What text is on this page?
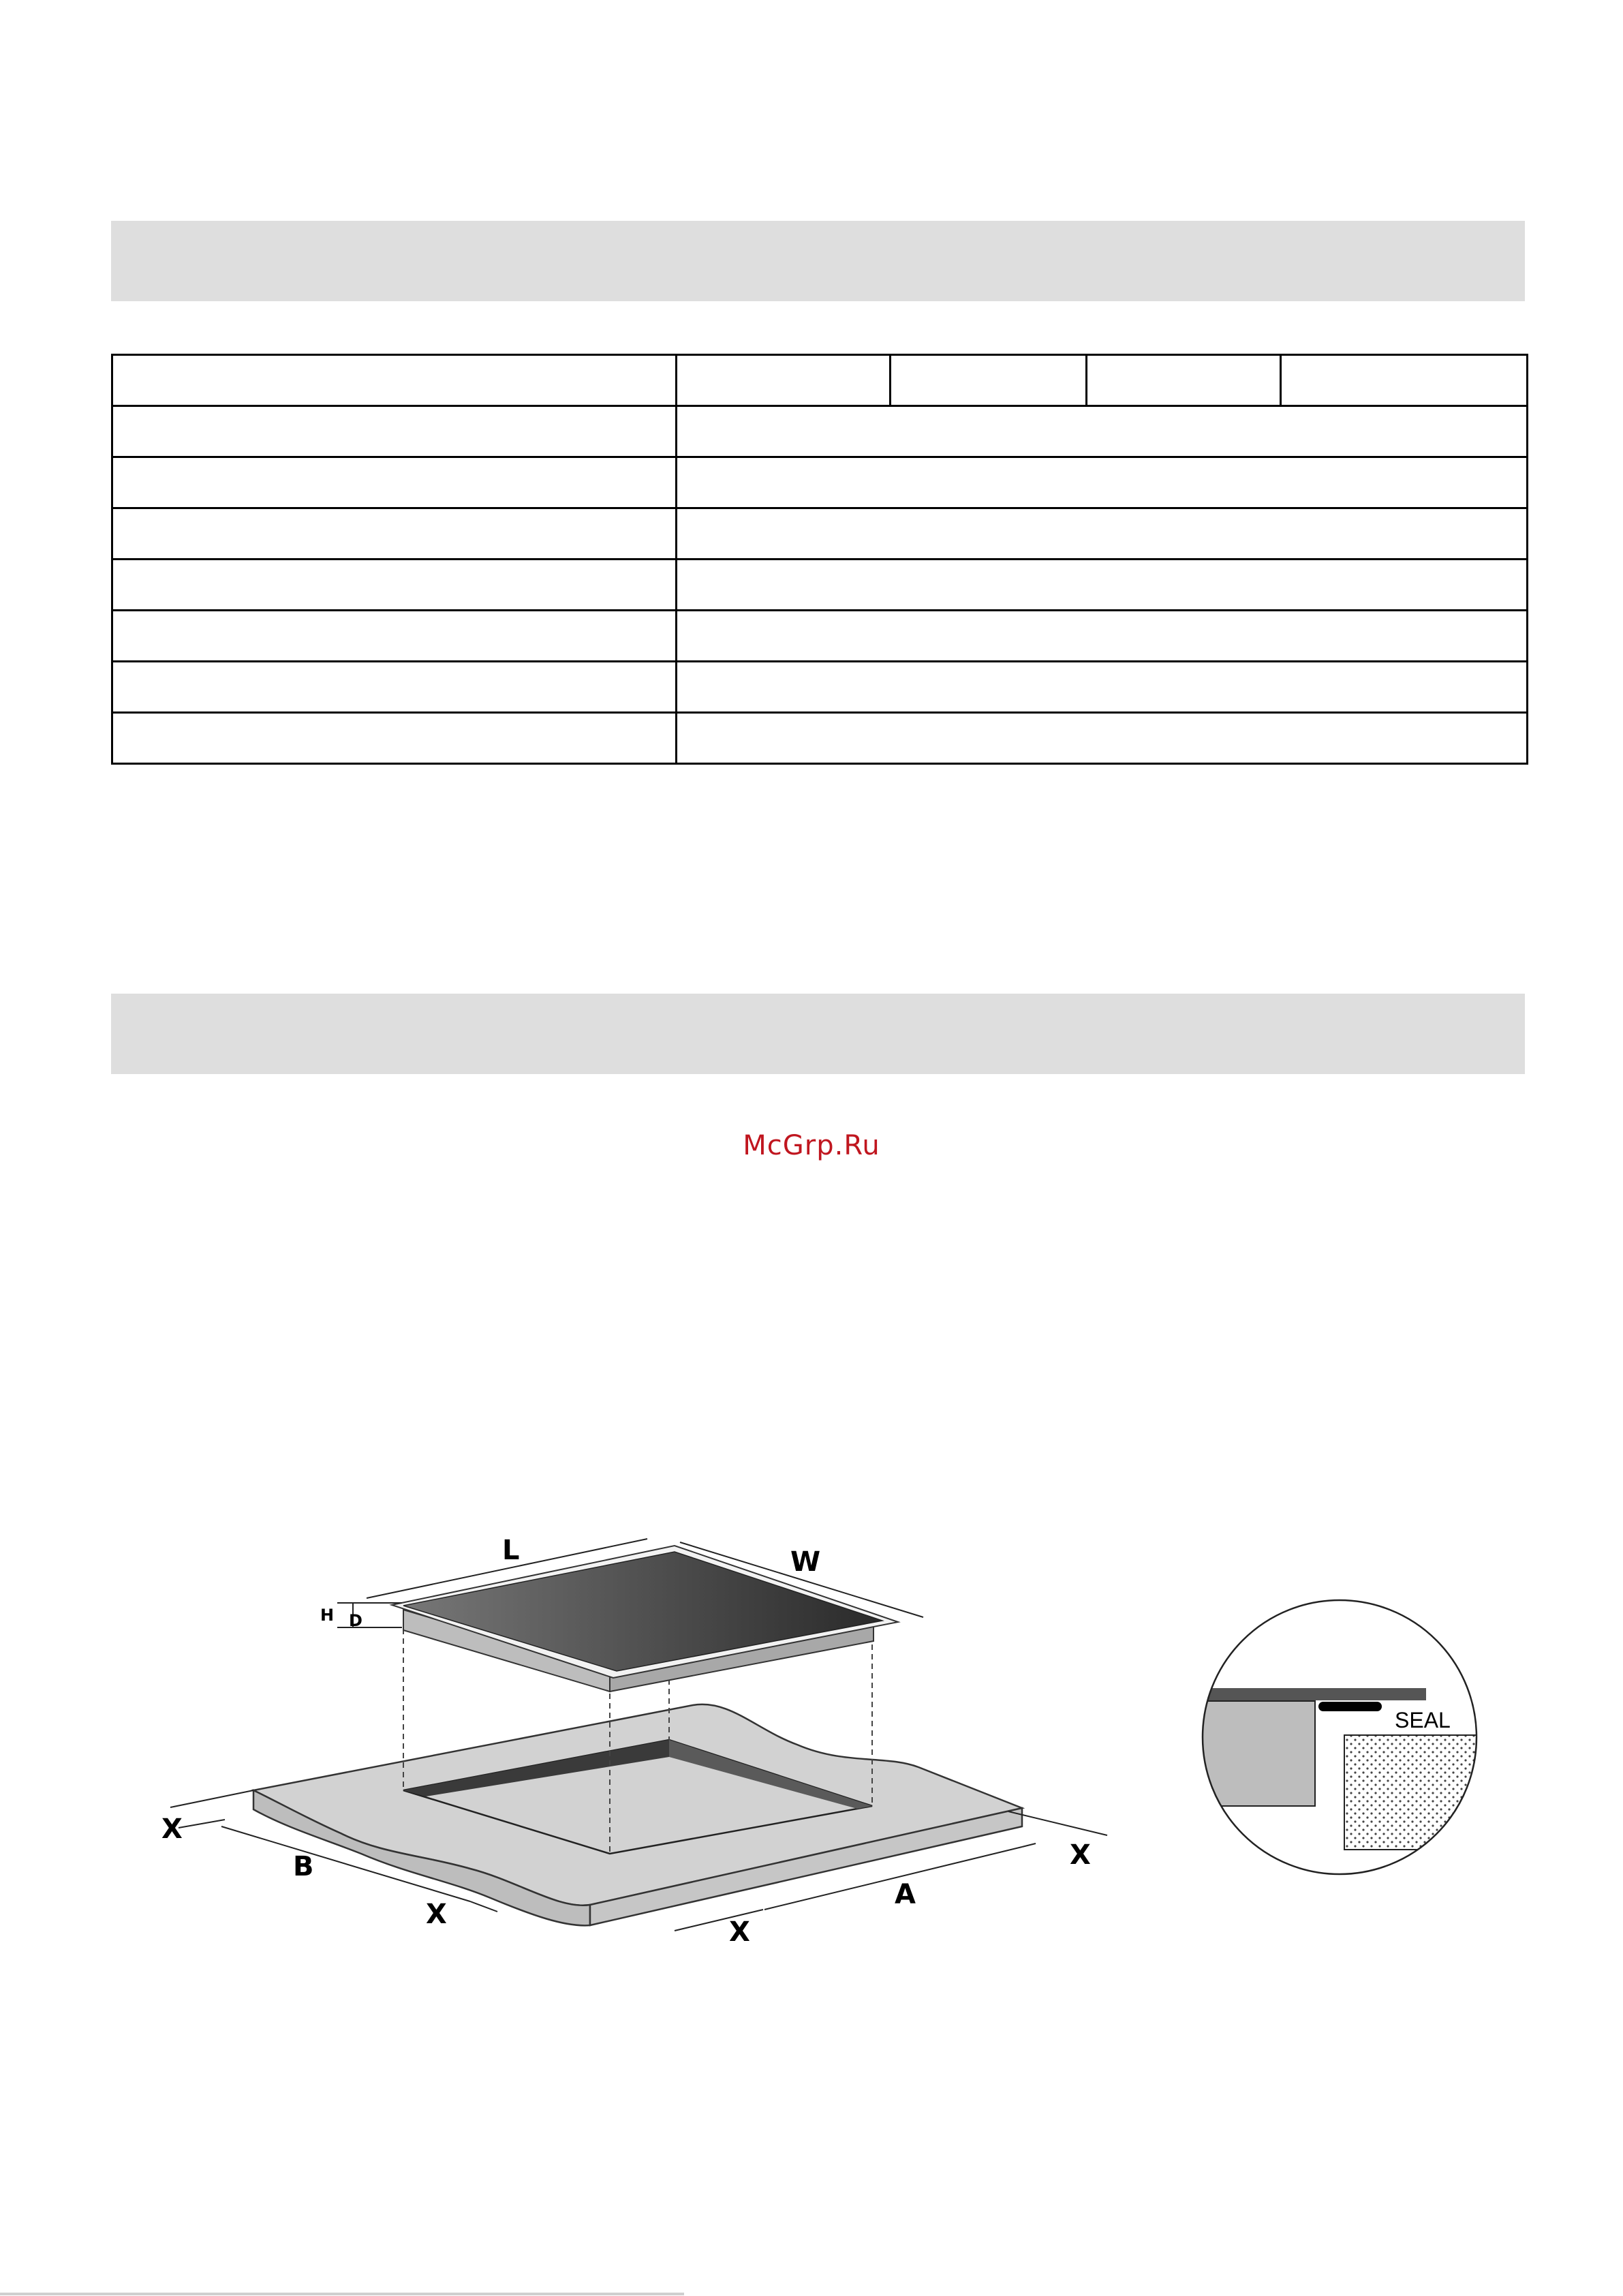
McGrp.Ru
L	W
H D
X
B
X
X
A
X
SEAL
